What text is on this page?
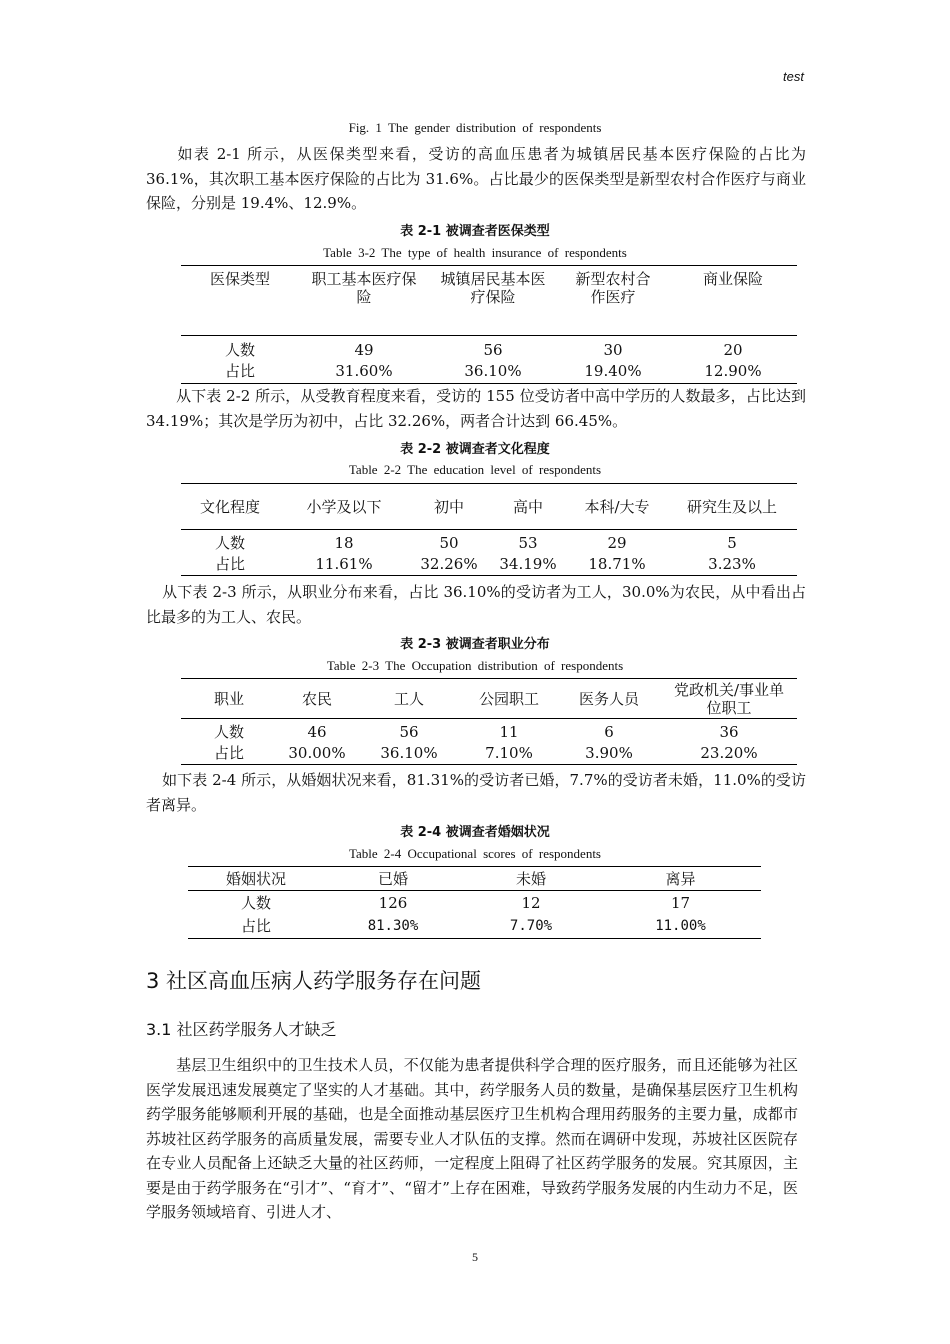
test
Fig. 1 The gender distribution of respondents
如表 2-1 所示，从医保类型来看，受访的高血压患者为城镇居民基本医疗保险的占比为 36.1%，其次职工基本医疗保险的占比为 31.6%。占比最少的医保类型是新型农村合作医疗与商业保险，分别是 19.4%、12.9%。
表 2-1 被调查者医保类型
Table 3-2 The type of health insurance of respondents
医保类型	职工基本医疗保险	城镇居民基本医疗保险	新型农村合作医疗	商业保险
人数	49	56	30	20
占比	31.60%	36.10%	19.40%	12.90%
从下表 2-2 所示，从受教育程度来看，受访的 155 位受访者中高中学历的人数最多，占比达到 34.19%；其次是学历为初中，占比 32.26%，两者合计达到 66.45%。
表 2-2 被调查者文化程度
Table 2-2 The education level of respondents
文化程度	小学及以下	初中	高中	本科/大专	研究生及以上
人数	18	50	53	29	5
占比	11.61%	32.26%	34.19%	18.71%	3.23%
从下表 2-3 所示，从职业分布来看，占比 36.10%的受访者为工人，30.0%为农民，从中看出占比最多的为工人、农民。
表 2-3 被调查者职业分布
Table 2-3 The Occupation distribution of respondents
职业	农民	工人	公园职工	医务人员	党政机关/事业单位职工

人数	46	56	11	6	36
占比	30.00%	36.10%	7.10%	3.90%	23.20%
如下表 2-4 所示，从婚姻状况来看，81.31%的受访者已婚，7.7%的受访者未婚，11.0%的受访者离异。
表 2-4 被调查者婚姻状况
Table 2-4 Occupational scores of respondents
婚姻状况	已婚	未婚	离异
人数	126	12	17
占比	81.30%	7.70%	11.00%
3 社区高血压病人药学服务存在问题
3.1 社区药学服务人才缺乏
基层卫生组织中的卫生技术人员，不仅能为患者提供科学合理的医疗服务，而且还能够为社区医学发展迅速发展奠定了坚实的人才基础。其中，药学服务人员的数量，是确保基层医疗卫生机构药学服务能够顺利开展的基础，也是全面推动基层医疗卫生机构合理用药服务的主要力量，成都市苏坡社区药学服务的高质量发展，需要专业人才队伍的支撑。然而在调研中发现，苏坡社区医院存在专业人员配备上还缺乏大量的社区药师，一定程度上阻碍了社区药学服务的发展。究其原因，主要是由于药学服务在“引才”、“育才”、“留才”上存在困难，导致药学服务发展的内生动力不足，医学服务领域培育、引进人才、
5
